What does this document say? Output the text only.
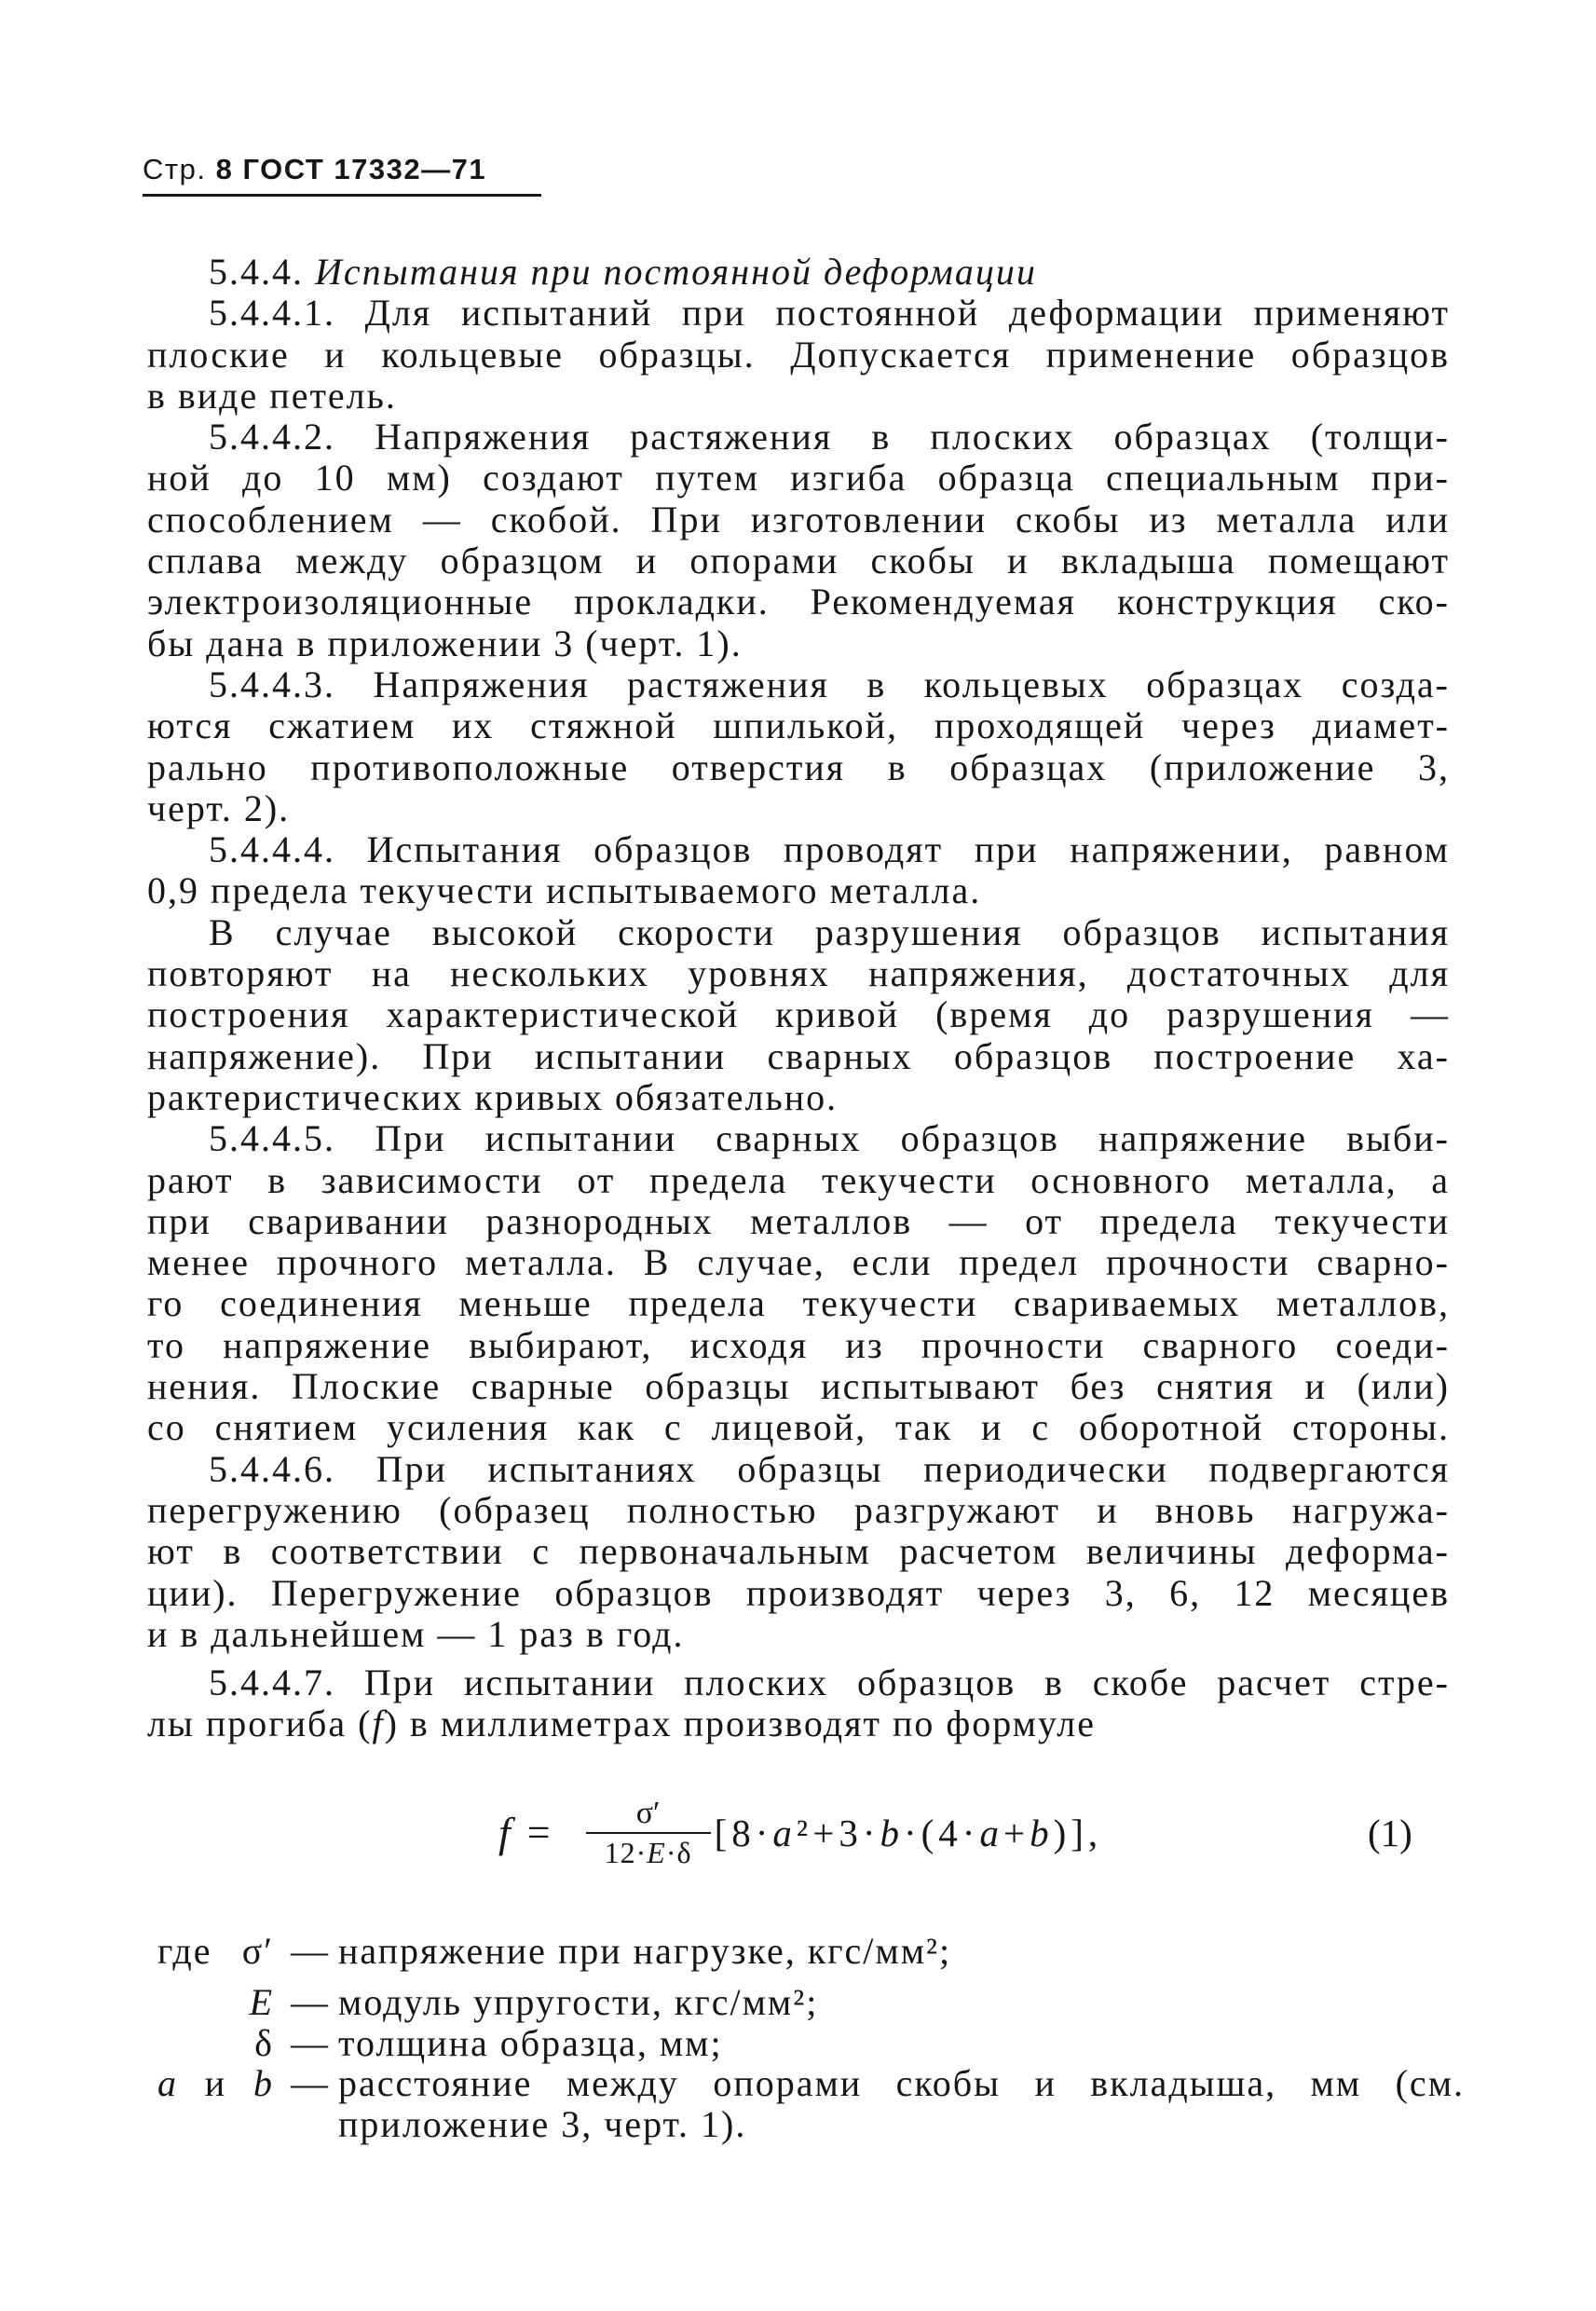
Стр. 8 ГОСТ 17332—71
5.4.4. Испытания при постоянной деформации
5.4.4.1. Для испытаний при постоянной деформации применяют
плоские и кольцевые образцы. Допускается применение образцов
в виде петель.
5.4.4.2. Напряжения растяжения в плоских образцах (толщи-
ной до 10 мм) создают путем изгиба образца специальным при-
способлением — скобой. При изготовлении скобы из металла или
сплава между образцом и опорами скобы и вкладыша помещают
электроизоляционные прокладки. Рекомендуемая конструкция ско-
бы дана в приложении 3 (черт. 1).
5.4.4.3. Напряжения растяжения в кольцевых образцах созда-
ются сжатием их стяжной шпилькой, проходящей через диамет-
рально противоположные отверстия в образцах (приложение 3,
черт. 2).
5.4.4.4. Испытания образцов проводят при напряжении, равном
0,9 предела текучести испытываемого металла.
В случае высокой скорости разрушения образцов испытания
повторяют на нескольких уровнях напряжения, достаточных для
построения характеристической кривой (время до разрушения —
напряжение). При испытании сварных образцов построение ха-
рактеристических кривых обязательно.
5.4.4.5. При испытании сварных образцов напряжение выби-
рают в зависимости от предела текучести основного металла, а
при сваривании разнородных металлов — от предела текучести
менее прочного металла. В случае, если предел прочности сварно-
го соединения меньше предела текучести свариваемых металлов,
то напряжение выбирают, исходя из прочности сварного соеди-
нения. Плоские сварные образцы испытывают без снятия и (или)
со снятием усиления как с лицевой, так и с оборотной стороны.
5.4.4.6. При испытаниях образцы периодически подвергаются
перегружению (образец полностью разгружают и вновь нагружа-
ют в соответствии с первоначальным расчетом величины деформа-
ции). Перегружение образцов производят через 3, 6, 12 месяцев
и в дальнейшем — 1 раз в год.
5.4.4.7. При испытании плоских образцов в скобе расчет стре-
лы прогиба (f) в миллиметрах производят по формуле
$f = \frac{\sigma'}{12\cdot E\cdot\delta} [8\cdot a^2+3\cdot b\cdot(4\cdot a+b)]$,	(1)
где σ′ — напряжение при нагрузке, кгс/мм²;
E — модуль упругости, кгс/мм²;
δ — толщина образца, мм;
a и b — расстояние между опорами скобы и вкладыша, мм (см.
приложение 3, черт. 1).
